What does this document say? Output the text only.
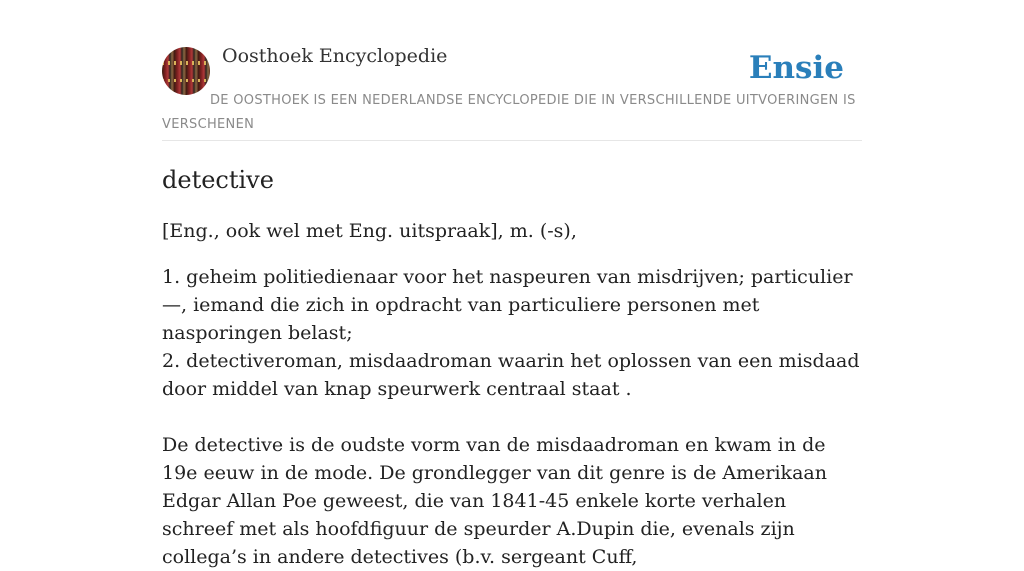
Oosthoek Encyclopedie	Ensie
DE OOSTHOEK IS EEN NEDERLANDSE ENCYCLOPEDIE DIE IN VERSCHILLENDE UITVOERINGEN IS VERSCHENEN
detective

[Eng., ook wel met Eng. uitspraak], m. (-s),

1. geheim politiedienaar voor het naspeuren van misdrijven; particulier —, iemand die zich in opdracht van particuliere personen met nasporingen belast;

2. detectiveroman, misdaadroman waarin het oplossen van een misdaad door middel van knap speurwerk centraal staat .

De detective is de oudste vorm van de misdaadroman en kwam in de 19e eeuw in de mode. De grondlegger van dit genre is de Amerikaan Edgar Allan Poe geweest, die van 1841-45 enkele korte verhalen schreef met als hoofdfiguur de speurder A.Dupin die, evenals zijn collega’s in andere detectives (b.v. sergeant Cuff,
